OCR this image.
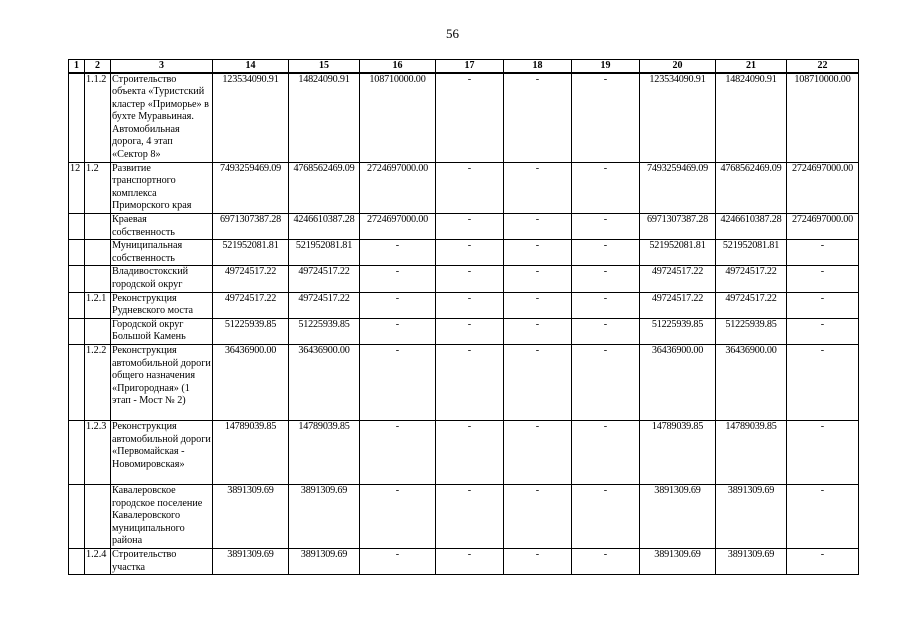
56
1	2	3	14	15	16	17	18	19	20	21	22
	1.1.2	Строительство объекта «Туристский кластер «Приморье» в бухте Муравьиная. Автомобильная дорога, 4 этап «Сектор 8»	123534090.91	14824090.91	108710000.00	-	-	-	123534090.91	14824090.91	108710000.00
12	1.2	Развитие транспортного комплекса Приморского края	7493259469.09	4768562469.09	2724697000.00	-	-	-	7493259469.09	4768562469.09	2724697000.00
		Краевая собственность	6971307387.28	4246610387.28	2724697000.00	-	-	-	6971307387.28	4246610387.28	2724697000.00
		Муниципальная собственность	521952081.81	521952081.81	-	-	-	-	521952081.81	521952081.81	-
		Владивостокский городской округ	49724517.22	49724517.22	-	-	-	-	49724517.22	49724517.22	-
	1.2.1	Реконструкция Рудневского моста	49724517.22	49724517.22	-	-	-	-	49724517.22	49724517.22	-
		Городской округ Большой Камень	51225939.85	51225939.85	-	-	-	-	51225939.85	51225939.85	-
	1.2.2	Реконструкция автомобильной дороги общего назначения «Пригородная» (1 этап - Мост № 2)	36436900.00	36436900.00	-	-	-	-	36436900.00	36436900.00	-
	1.2.3	Реконструкция автомобильной дороги «Первомайская - Новомировская»	14789039.85	14789039.85	-	-	-	-	14789039.85	14789039.85	-
		Кавалеровское городское поселение Кавалеровского муниципального района	3891309.69	3891309.69	-	-	-	-	3891309.69	3891309.69	-
	1.2.4	Строительство участка	3891309.69	3891309.69	-	-	-	-	3891309.69	3891309.69	-
